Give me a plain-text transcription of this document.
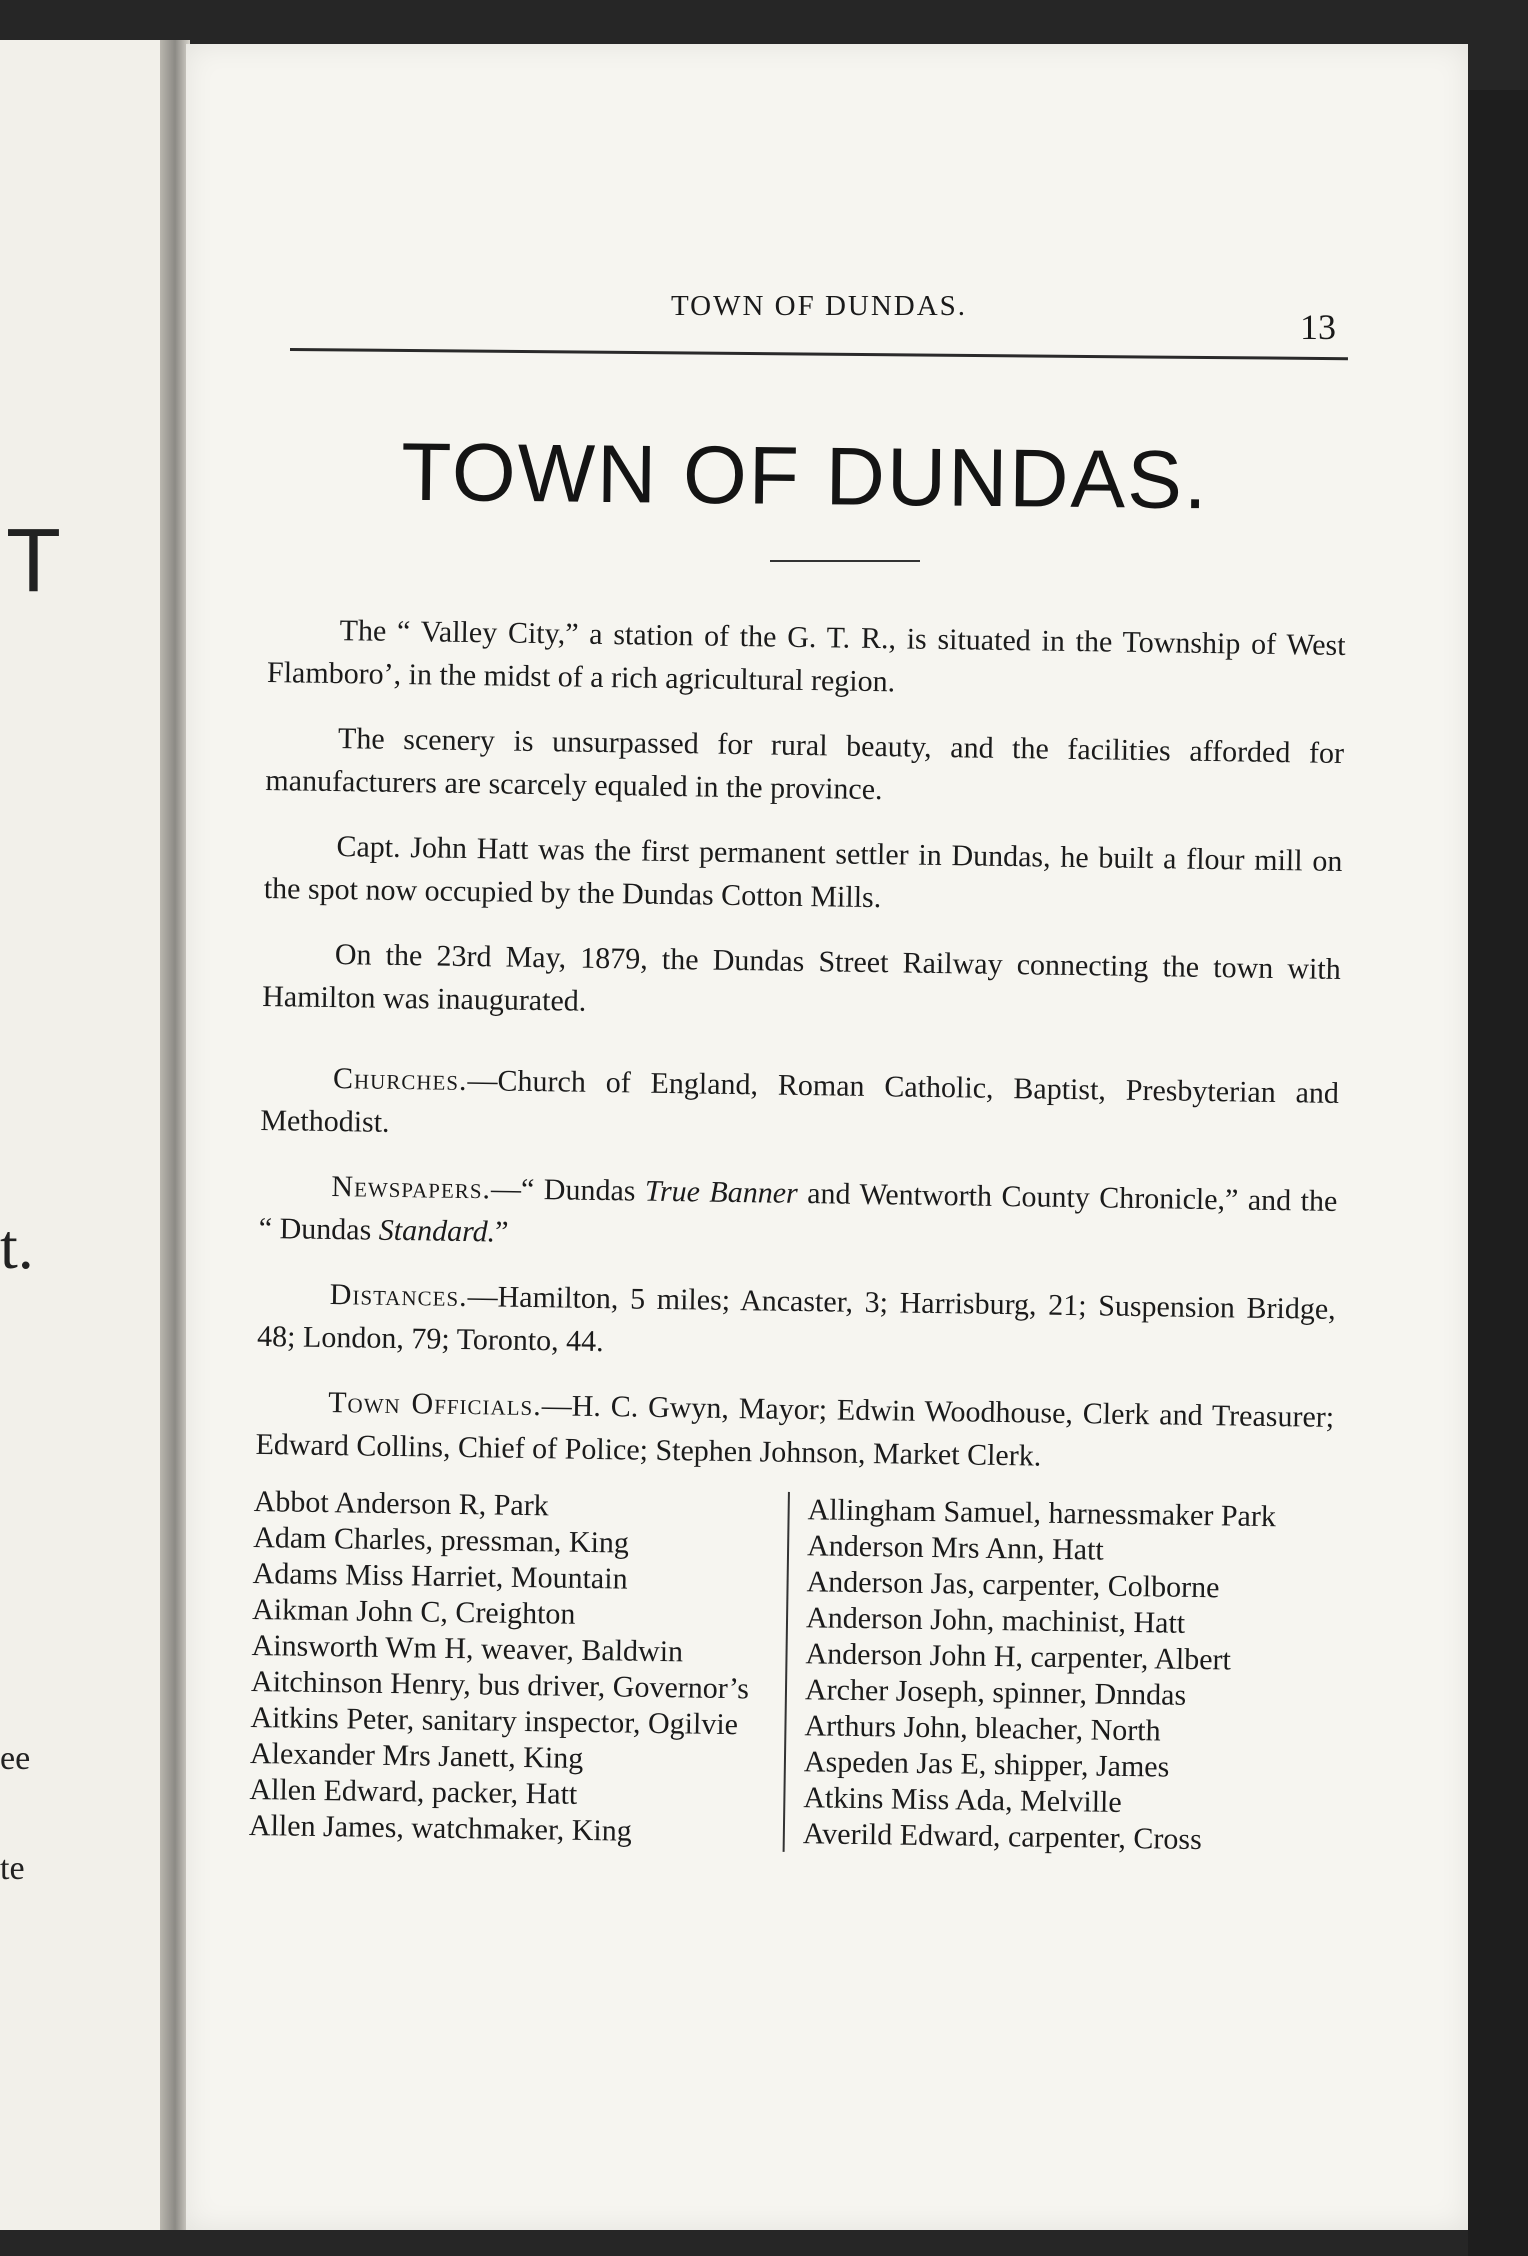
T
t.
ee
te
TOWN OF DUNDAS.
13
TOWN OF DUNDAS.

The “ Valley City,” a station of the G. T. R., is situated in the Township of West Flamboro’, in the midst of a rich agricultural region.

The scenery is unsurpassed for rural beauty, and the facilities afforded for manufacturers are scarcely equaled in the province.

Capt. John Hatt was the first permanent settler in Dundas, he built a flour mill on the spot now occupied by the Dundas Cotton Mills.

On the 23rd May, 1879, the Dundas Street Railway connecting the town with Hamilton was inaugurated.

Churches.—Church of England, Roman Catholic, Baptist, Presbyterian and Methodist.

Newspapers.—“ Dundas True Banner and Wentworth County Chronicle,” and the “ Dundas Standard.”

Distances.—Hamilton, 5 miles; Ancaster, 3; Harrisburg, 21; Suspension Bridge, 48; London, 79; Toronto, 44.

Town Officials.—H. C. Gwyn, Mayor; Edwin Woodhouse, Clerk and Treasurer; Edward Collins, Chief of Police; Stephen Johnson, Market Clerk.

Abbot Anderson R, Park

Adam Charles, pressman, King

Adams Miss Harriet, Mountain

Aikman John C, Creighton

Ainsworth Wm H, weaver, Baldwin

Aitchinson Henry, bus driver, Governor’s

Aitkins Peter, sanitary inspector, Ogilvie

Alexander Mrs Janett, King

Allen Edward, packer, Hatt

Allen James, watchmaker, King

Allingham Samuel, harnessmaker Park

Anderson Mrs Ann, Hatt

Anderson Jas, carpenter, Colborne

Anderson John, machinist, Hatt

Anderson John H, carpenter, Albert

Archer Joseph, spinner, Dnndas

Arthurs John, bleacher, North

Aspeden Jas E, shipper, James

Atkins Miss Ada, Melville

Averild Edward, carpenter, Cross
